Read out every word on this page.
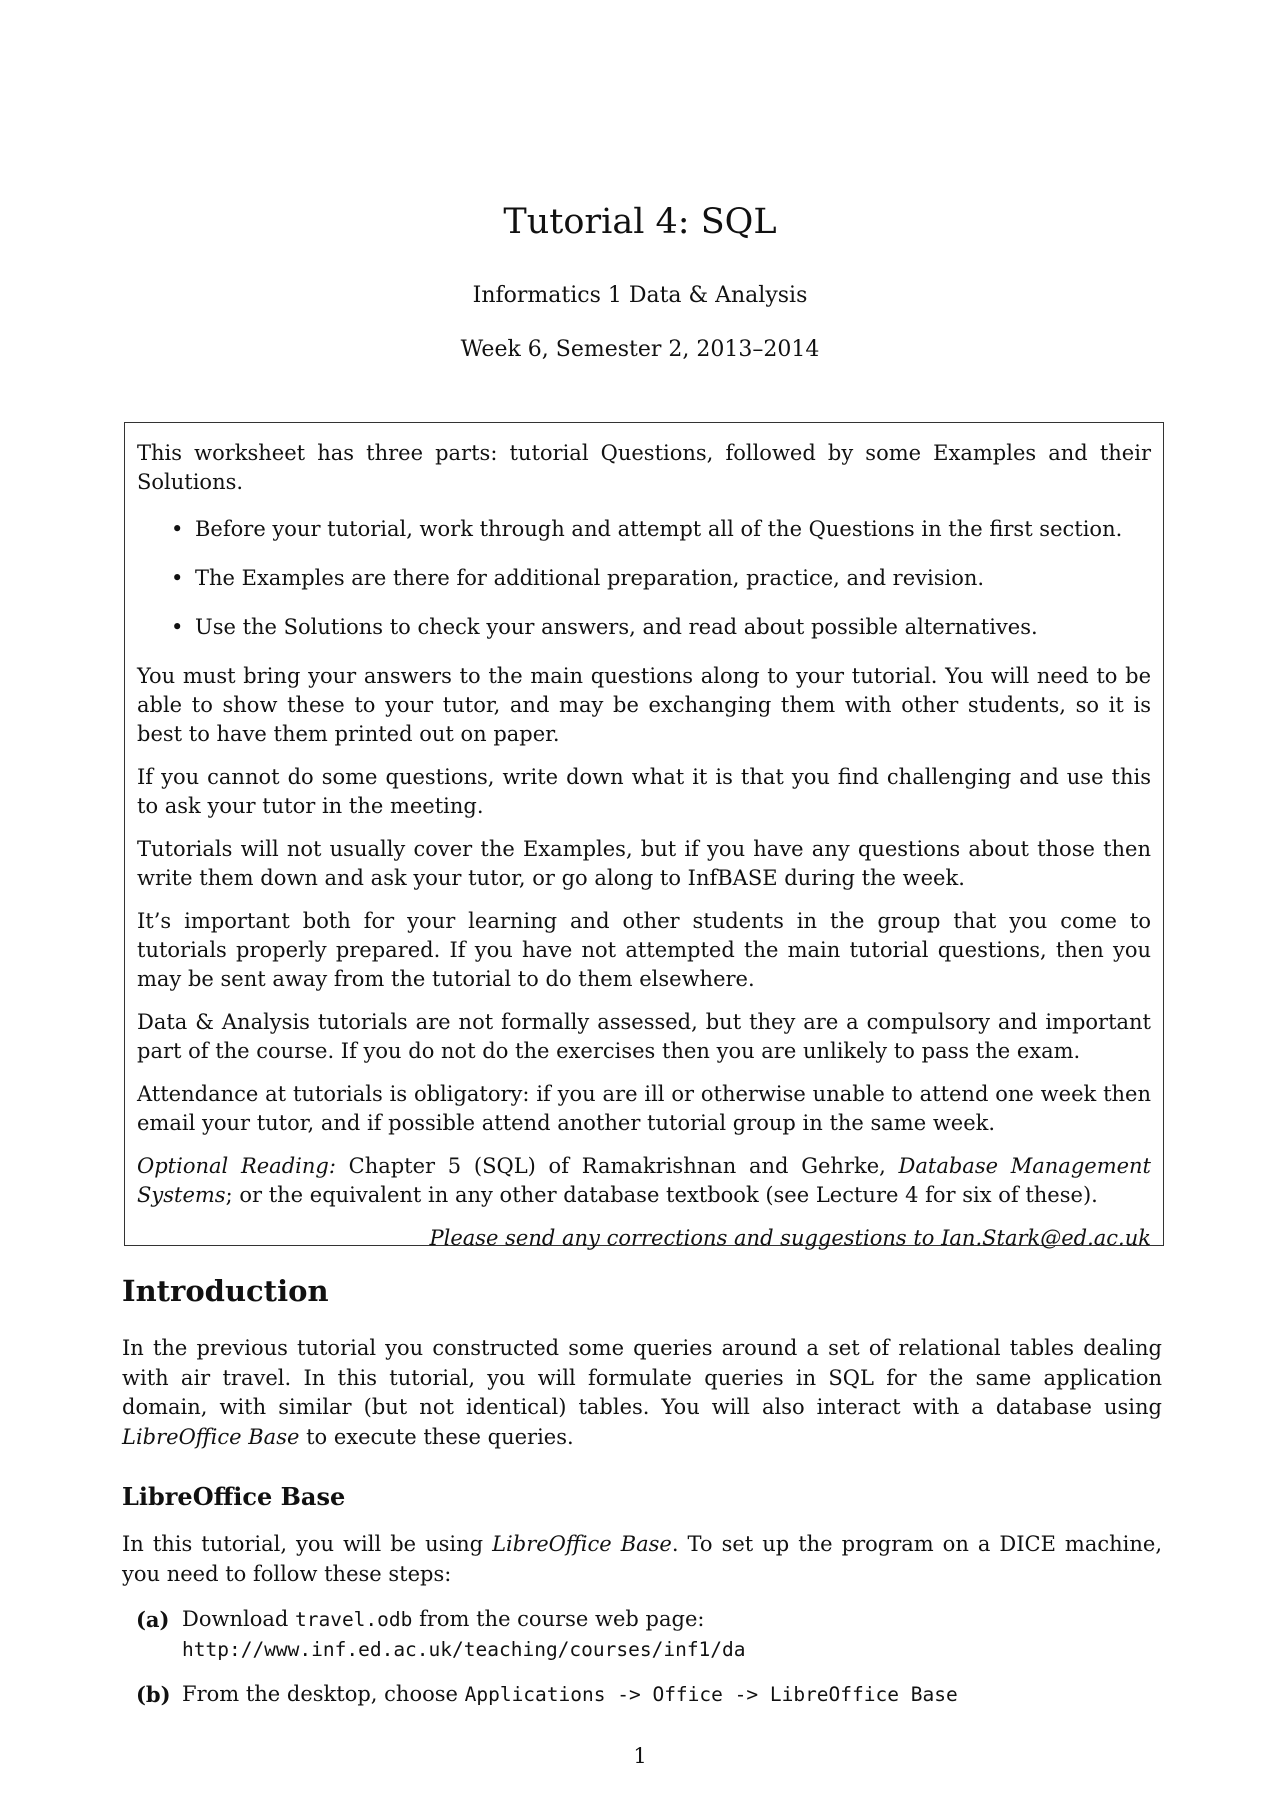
Tutorial 4: SQL
Informatics 1 Data & Analysis
Week 6, Semester 2, 2013–2014

This worksheet has three parts: tutorial Questions, followed by some Examples and their Solutions.

• Before your tutorial, work through and attempt all of the Questions in the first section.
• The Examples are there for additional preparation, practice, and revision.
• Use the Solutions to check your answers, and read about possible alternatives.

You must bring your answers to the main questions along to your tutorial. You will need to be able to show these to your tutor, and may be exchanging them with other students, so it is best to have them printed out on paper.

If you cannot do some questions, write down what it is that you find challenging and use this to ask your tutor in the meeting.

Tutorials will not usually cover the Examples, but if you have any questions about those then write them down and ask your tutor, or go along to InfBASE during the week.

It’s important both for your learning and other students in the group that you come to tutorials properly prepared. If you have not attempted the main tutorial questions, then you may be sent away from the tutorial to do them elsewhere.

Data & Analysis tutorials are not formally assessed, but they are a compulsory and important part of the course. If you do not do the exercises then you are unlikely to pass the exam.

Attendance at tutorials is obligatory: if you are ill or otherwise unable to attend one week then email your tutor, and if possible attend another tutorial group in the same week.

Optional Reading: Chapter 5 (SQL) of Ramakrishnan and Gehrke, Database Management Systems; or the equivalent in any other database textbook (see Lecture 4 for six of these).

Please send any corrections and suggestions to Ian.Stark@ed.ac.uk

Introduction
In the previous tutorial you constructed some queries around a set of relational tables dealing with air travel. In this tutorial, you will formulate queries in SQL for the same application domain, with similar (but not identical) tables. You will also interact with a database using LibreOffice Base to execute these queries.
LibreOffice Base
In this tutorial, you will be using LibreOffice Base. To set up the program on a DICE machine, you need to follow these steps:
(a) Download travel.odb from the course web page: http://www.inf.ed.ac.uk/teaching/courses/inf1/da
(b) From the desktop, choose Applications -> Office -> LibreOffice Base
1
